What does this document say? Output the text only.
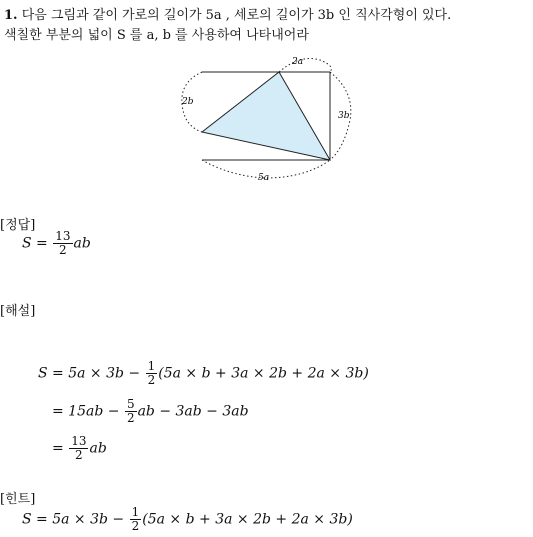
1. 다음 그림과 같이 가로의 길이가 5a , 세로의 길이가 3b 인 직사각형이 있다.
색칠한 부분의 넓이 S 를 a, b 를 사용하여 나타내어라
2a
2b
3b
5a
[정답]
$S = \frac{13}{2}$ ab
[해설]
$S = 5a \times 3b - \frac{1}{2} (5a \times b + 3a \times 2b + 2a \times 3b)$
= $15ab - \frac{5}{2}$ ab − 3ab − 3ab
= $\frac{13}{2}$ ab
[힌트]
$S = 5a \times 3b - \frac{1}{2} (5a \times b + 3a \times 2b + 2a \times 3b)$
